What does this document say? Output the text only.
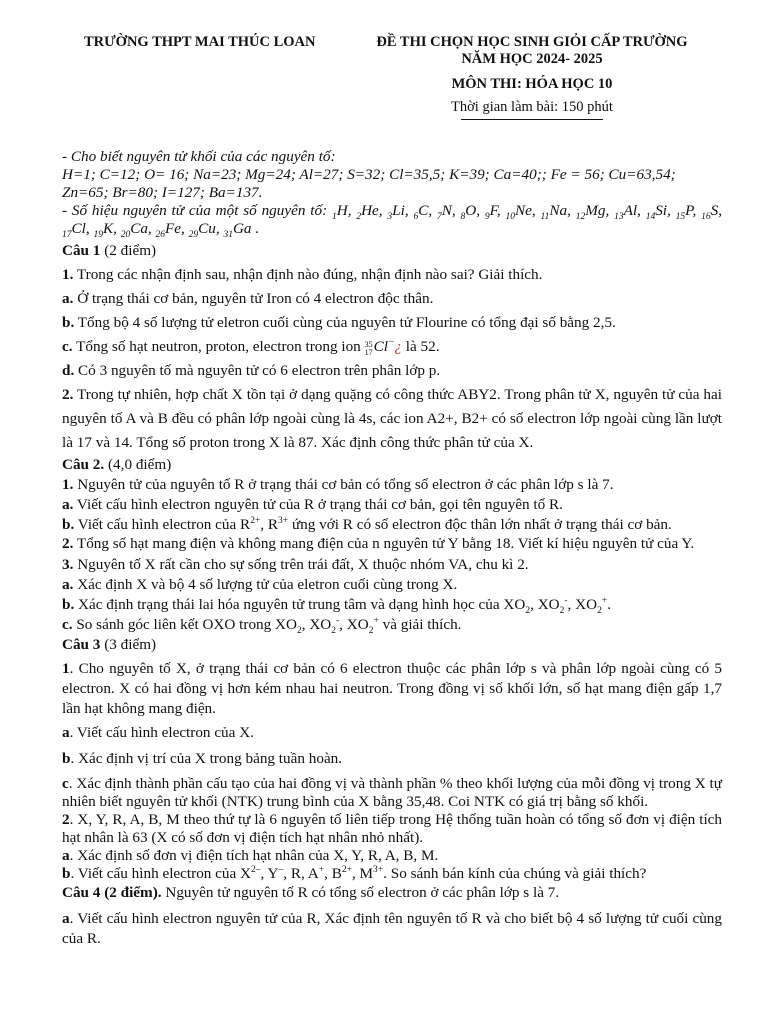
TRƯỜNG THPT MAI THÚC LOAN	ĐỀ THI CHỌN HỌC SINH GIỎI CẤP TRƯỜNG
NĂM HỌC 2024- 2025
MÔN THI: HÓA HỌC 10
Thời gian làm bài: 150 phút

- Cho biết nguyên tử khối của các nguyên tố:

H=1; C=12; O= 16; Na=23; Mg=24; Al=27; S=32; Cl=35,5; K=39; Ca=40;; Fe = 56; Cu=63,54;

Zn=65; Br=80; I=127; Ba=137.

- Số hiệu nguyên tử của một số nguyên tố: $_1$H, $_2$He, $_3$Li, $_6$C, $_7$N, $_8$O, $_9$F, $_{10}$Ne, $_{11}$Na, $_{12}$Mg, $_{13}$Al, $_{14}$Si, $_{15}$P, $_{16}$S, $_{17}$Cl, $_{19}$K, $_{20}$Ca, $_{26}$Fe, $_{29}$Cu, $_{31}$Ga .

Câu 1 (2 điểm)

1. Trong các nhận định sau, nhận định nào đúng, nhận định nào sai? Giải thích.

a. Ở trạng thái cơ bản, nguyên tử Iron có 4 electron độc thân.

b. Tổng bộ 4 số lượng tử eletron cuối cùng của nguyên tử Flourine có tổng đại số bằng 2,5.

c. Tổng số hạt neutron, proton, electron trong ion 35
17Cl−¿ là 52.

d. Có 3 nguyên tố mà nguyên tử có 6 electron trên phân lớp p.

2. Trong tự nhiên, hợp chất X tồn tại ở dạng quặng có công thức ABY2. Trong phân tử X, nguyên tử của hai nguyên tố A và B đều có phân lớp ngoài cùng là 4s, các ion A2+, B2+ có số electron lớp ngoài cùng lần lượt là 17 và 14. Tổng số proton trong X là 87. Xác định công thức phân tử của X.

Câu 2. (4,0 điểm)

1. Nguyên tử của nguyên tố R ở trạng thái cơ bản có tổng số electron ở các phân lớp s là 7.

a. Viết cấu hình electron nguyên tử của R ở trạng thái cơ bản, gọi tên nguyên tố R.

b. Viết cấu hình electron của $R^{2+}$, $R^{3+}$ ứng với R có số electron độc thân lớn nhất ở trạng thái cơ bản.

2. Tổng số hạt mang điện và không mang điện của n nguyên tử Y bằng 18. Viết kí hiệu nguyên tử của Y.

3. Nguyên tố X rất cần cho sự sống trên trái đất, X thuộc nhóm VA, chu kì 2.

a. Xác định X và bộ 4 số lượng tử của eletron cuối cùng trong X.

b. Xác định trạng thái lai hóa nguyên tử trung tâm và dạng hình học của $XO_2$, $XO_2^-$, $XO_2^+$.

c. So sánh góc liên kết OXO trong $XO_2$, $XO_2^-$, $XO_2^+$ và giải thích.

Câu 3 (3 điểm)

1. Cho nguyên tố X, ở trạng thái cơ bản có 6 electron thuộc các phân lớp s và phân lớp ngoài cùng có 5 electron. X có hai đồng vị hơn kém nhau hai neutron. Trong đồng vị số khối lớn, số hạt mang điện gấp 1,7 lần hạt không mang điện.

a. Viết cấu hình electron của X.

b. Xác định vị trí của X trong bảng tuần hoàn.

c. Xác định thành phần cấu tạo của hai đồng vị và thành phần % theo khối lượng của mỗi đồng vị trong X tự nhiên biết nguyên tử khối (NTK) trung bình của X bằng 35,48. Coi NTK có giá trị bằng số khối.

2. X, Y, R, A, B, M theo thứ tự là 6 nguyên tố liên tiếp trong Hệ thống tuần hoàn có tổng số đơn vị điện tích hạt nhân là 63 (X có số đơn vị điện tích hạt nhân nhỏ nhất).

a. Xác định số đơn vị điện tích hạt nhân của X, Y, R, A, B, M.

b. Viết cấu hình electron của $X^{2-}$, Y–, R, A+, $B^{2+}$, $M^{3+}$. So sánh bán kính của chúng và giải thích?

Câu 4 (2 điểm). Nguyên tử nguyên tố R có tổng số electron ở các phân lớp s là 7.

a. Viết cấu hình electron nguyên tử của R, Xác định tên nguyên tố R và cho biết bộ 4 số lượng tử cuối cùng của R.
